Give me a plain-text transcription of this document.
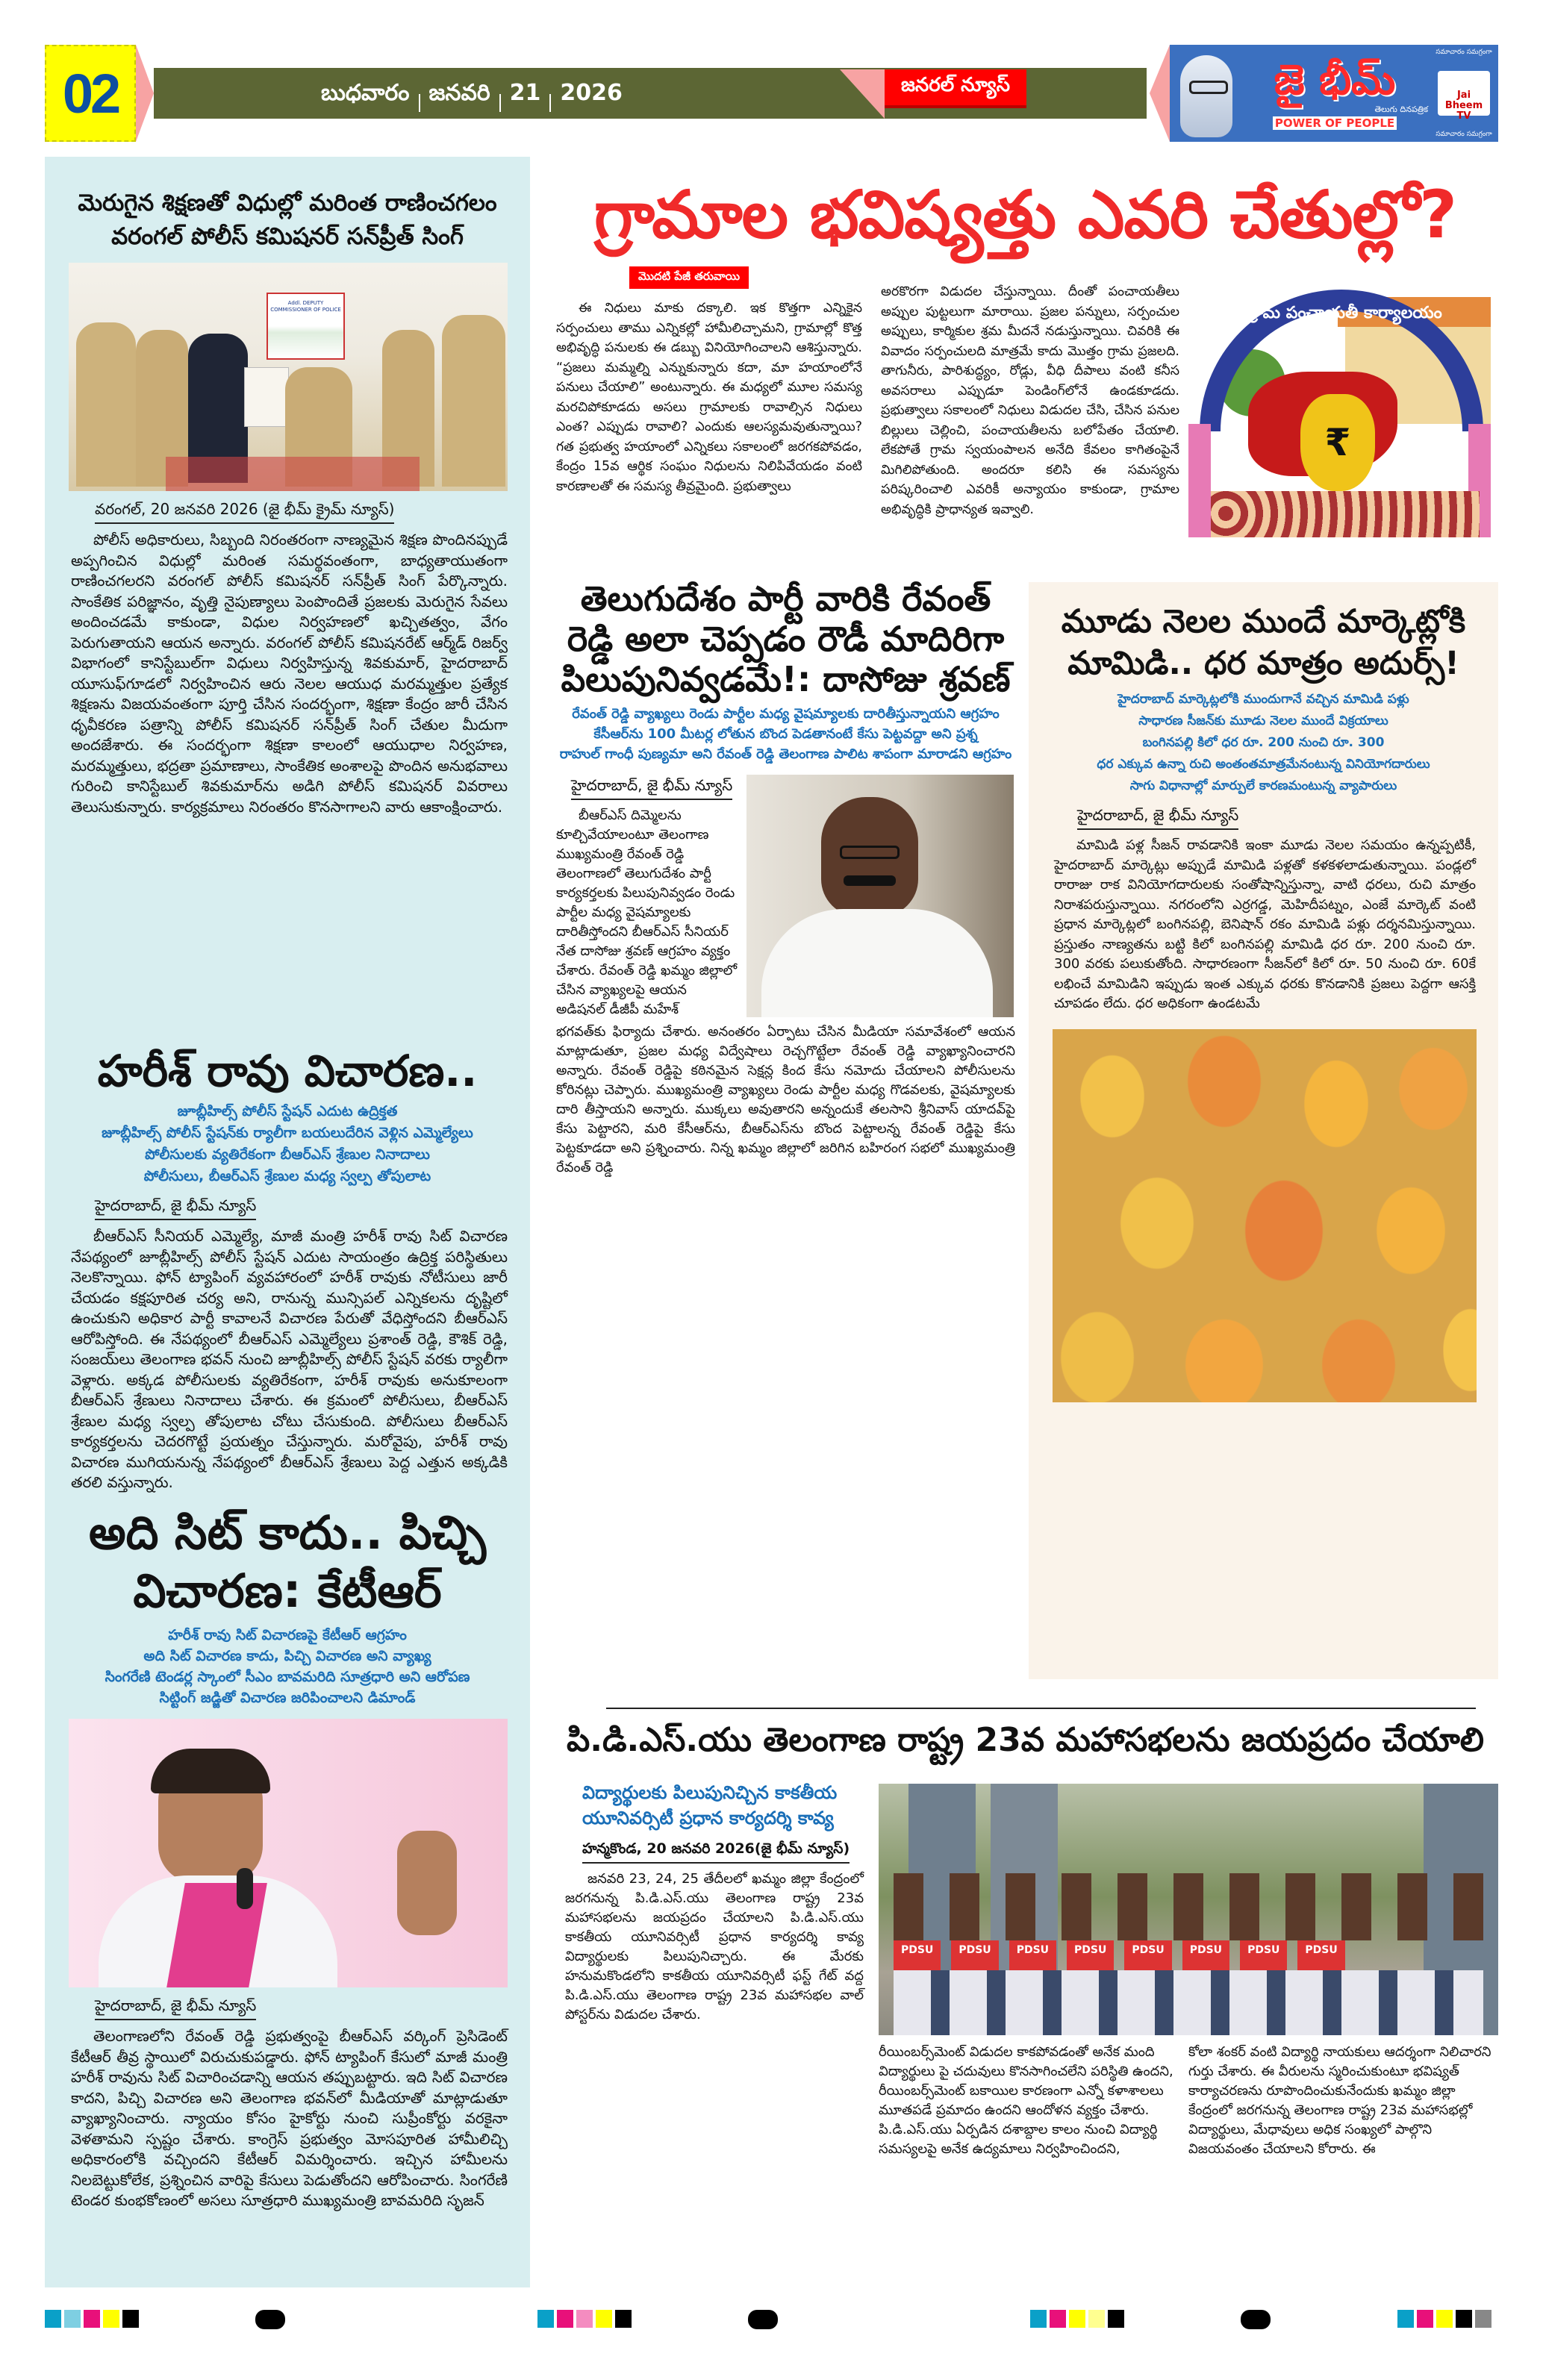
02	బుధవారం జనవరి 21 2026	జనరల్ న్యూస్	జై భీమ్
తెలుగు దినపత్రిక
POWER OF PEOPLE
సమాచారం సమగ్రంగా
Jai Bheem TV
సమాచారం సమగ్రంగా
మెరుగైన శిక్షణతో విధుల్లో మరింత రాణించగలం
వరంగల్ పోలీస్ కమిషనర్ సన్‌ప్రీత్ సింగ్
Addl. DEPUTY COMMISSIONER OF POLICE
వరంగల్, 20 జనవరి 2026 (జై భీమ్ క్రైమ్ న్యూస్)
పోలీస్ అధికారులు, సిబ్బంది నిరంతరంగా నాణ్యమైన శిక్షణ పొందినప్పుడే అప్పగించిన విధుల్లో మరింత సమర్థవంతంగా, బాధ్యతాయుతంగా రాణించగలరని వరంగల్ పోలీస్ కమిషనర్ సన్‌ప్రీత్ సింగ్ పేర్కొన్నారు. సాంకేతిక పరిజ్ఞానం, వృత్తి నైపుణ్యాలు పెంపొందితే ప్రజలకు మెరుగైన సేవలు అందించడమే కాకుండా, విధుల నిర్వహణలో ఖచ్చితత్వం, వేగం పెరుగుతాయని ఆయన అన్నారు. వరంగల్ పోలీస్ కమిషనరేట్ ఆర్మ్‌డ్ రిజర్వ్ విభాగంలో కానిస్టేబుల్‌గా విధులు నిర్వహిస్తున్న శివకుమార్, హైదరాబాద్ యూసుఫ్‌గూడలో నిర్వహించిన ఆరు నెలల ఆయుధ మరమ్మత్తుల ప్రత్యేక శిక్షణను విజయవంతంగా పూర్తి చేసిన సందర్భంగా, శిక్షణా కేంద్రం జారీ చేసిన ధృవీకరణ పత్రాన్ని పోలీస్ కమిషనర్ సన్‌ప్రీత్ సింగ్ చేతుల మీదుగా అందజేశారు. ఈ సందర్భంగా శిక్షణా కాలంలో ఆయుధాల నిర్వహణ, మరమ్మత్తులు, భద్రతా ప్రమాణాలు, సాంకేతిక అంశాలపై పొందిన అనుభవాలు గురించి కానిస్టేబుల్ శివకుమార్‌ను అడిగి పోలీస్ కమిషనర్ వివరాలు తెలుసుకున్నారు. కార్యక్రమాలు నిరంతరం కొనసాగాలని వారు ఆకాంక్షించారు.
హరీశ్ రావు విచారణ..
జూబ్లీహిల్స్ పోలీస్ స్టేషన్ ఎదుట ఉద్రిక్తత
జూబ్లీహిల్స్ పోలీస్ స్టేషన్‌కు ర్యాలీగా బయలుదేరిన వెళ్లిన ఎమ్మెల్యేలు
పోలీసులకు వ్యతిరేకంగా బీఆర్ఎస్ శ్రేణుల నినాదాలు
పోలీసులు, బీఆర్ఎస్ శ్రేణుల మధ్య స్వల్ప తోపులాట
హైదరాబాద్, జై భీమ్ న్యూస్
బీఆర్ఎస్ సీనియర్ ఎమ్మెల్యే, మాజీ మంత్రి హరీశ్ రావు సిట్ విచారణ నేపథ్యంలో జూబ్లీహిల్స్ పోలీస్ స్టేషన్ ఎదుట సాయంత్రం ఉద్రిక్త పరిస్థితులు నెలకొన్నాయి. ఫోన్ ట్యాపింగ్ వ్యవహారంలో హరీశ్ రావుకు నోటీసులు జారీ చేయడం కక్షపూరిత చర్య అని, రానున్న మున్సిపల్ ఎన్నికలను దృష్టిలో ఉంచుకుని అధికార పార్టీ కావాలనే విచారణ పేరుతో వేధిస్తోందని బీఆర్ఎస్ ఆరోపిస్తోంది. ఈ నేపథ్యంలో బీఆర్ఎస్ ఎమ్మెల్యేలు ప్రశాంత్ రెడ్డి, కౌశిక్ రెడ్డి, సంజయ్‌లు తెలంగాణ భవన్ నుంచి జూబ్లీహిల్స్ పోలీస్ స్టేషన్ వరకు ర్యాలీగా వెళ్లారు. అక్కడ పోలీసులకు వ్యతిరేకంగా, హరీశ్ రావుకు అనుకూలంగా బీఆర్ఎస్ శ్రేణులు నినాదాలు చేశారు. ఈ క్రమంలో పోలీసులు, బీఆర్ఎస్ శ్రేణుల మధ్య స్వల్ప తోపులాట చోటు చేసుకుంది. పోలీసులు బీఆర్ఎస్ కార్యకర్తలను చెదరగొట్టే ప్రయత్నం చేస్తున్నారు. మరోవైపు, హరీశ్ రావు విచారణ ముగియనున్న నేపథ్యంలో బీఆర్ఎస్ శ్రేణులు పెద్ద ఎత్తున అక్కడికి తరలి వస్తున్నారు.
అది సిట్ కాదు.. పిచ్చి
విచారణ: కేటీఆర్
హరీశ్ రావు సిట్ విచారణపై కేటీఆర్ ఆగ్రహం
అది సిట్ విచారణ కాదు, పిచ్చి విచారణ అని వ్యాఖ్య
సింగరేణి టెండర్ల స్కాంలో సీఎం బావమరిది సూత్రధారి అని ఆరోపణ
సిట్టింగ్ జడ్జితో విచారణ జరిపించాలని డిమాండ్
హైదరాబాద్, జై భీమ్ న్యూస్
తెలంగాణలోని రేవంత్ రెడ్డి ప్రభుత్వంపై బీఆర్ఎస్ వర్కింగ్ ప్రెసిడెంట్ కేటీఆర్ తీవ్ర స్థాయిలో విరుచుకుపడ్డారు. ఫోన్ ట్యాపింగ్ కేసులో మాజీ మంత్రి హరీశ్ రావును సిట్ విచారించడాన్ని ఆయన తప్పుబట్టారు. ఇది సిట్ విచారణ కాదని, పిచ్చి విచారణ అని తెలంగాణ భవన్‌లో మీడియాతో మాట్లాడుతూ వ్యాఖ్యానించారు. న్యాయం కోసం హైకోర్టు నుంచి సుప్రీంకోర్టు వరకైనా వెళతామని స్పష్టం చేశారు. కాంగ్రెస్ ప్రభుత్వం మోసపూరిత హామీలిచ్చి అధికారంలోకి వచ్చిందని కేటీఆర్ విమర్శించారు. ఇచ్చిన హామీలను నిలబెట్టుకోలేక, ప్రశ్నించిన వారిపై కేసులు పెడుతోందని ఆరోపించారు. సింగరేణి టెండర కుంభకోణంలో అసలు సూత్రధారి ముఖ్యమంత్రి బావమరిది సృజన్
గ్రామాల భవిష్యత్తు ఎవరి చేతుల్లో?
మొదటి పేజీ తరువాయి
ఈ నిధులు మాకు దక్కాలి. ఇక కొత్తగా ఎన్నికైన సర్పంచులు తాము ఎన్నికల్లో హామీలిచ్చామని, గ్రామాల్లో కొత్త అభివృద్ధి పనులకు ఈ డబ్బు వినియోగించాలని ఆశిస్తున్నారు. “ప్రజలు మమ్మల్ని ఎన్నుకున్నారు కదా, మా హయాంలోనే పనులు చేయాలి” అంటున్నారు. ఈ మధ్యలో మూల సమస్య మరచిపోకూడదు అసలు గ్రామాలకు రావాల్సిన నిధులు ఎంత? ఎప్పుడు రావాలి? ఎందుకు ఆలస్యమవుతున్నాయి? గత ప్రభుత్వ హయాంలో ఎన్నికలు సకాలంలో జరగకపోవడం, కేంద్రం 15వ ఆర్థిక సంఘం నిధులను నిలిపివేయడం వంటి కారణాలతో ఈ సమస్య తీవ్రమైంది. ప్రభుత్వాలు
అరకొరగా విడుదల చేస్తున్నాయి. దీంతో పంచాయతీలు అప్పుల పుట్టలుగా మారాయి. ప్రజల పన్నులు, సర్పంచుల అప్పులు, కార్మికుల శ్రమ మీదనే నడుస్తున్నాయి. చివరికి ఈ వివాదం సర్పంచులది మాత్రమే కాదు మొత్తం గ్రామ ప్రజలది. తాగునీరు, పారిశుద్ధ్యం, రోడ్లు, వీధి దీపాలు వంటి కనీస అవసరాలు ఎప్పుడూ పెండింగ్‌లోనే ఉండకూడదు. ప్రభుత్వాలు సకాలంలో నిధులు విడుదల చేసి, చేసిన పనుల బిల్లులు చెల్లించి, పంచాయతీలను బలోపేతం చేయాలి. లేకపోతే గ్రామ స్వయంపాలన అనేది కేవలం కాగితంపైనే మిగిలిపోతుంది. అందరూ కలిసి ఈ సమస్యను పరిష్కరించాలి ఎవరికీ అన్యాయం కాకుండా, గ్రామాల అభివృద్ధికి ప్రాధాన్యత ఇవ్వాలి.
గ్రామ పంచాయతీ కార్యాలయం
₹
తెలుగుదేశం పార్టీ వారికి రేవంత్ రెడ్డి అలా చెప్పడం రౌడీ మాదిరిగా పిలుపునివ్వడమే!: దాసోజు శ్రవణ్
రేవంత్ రెడ్డి వ్యాఖ్యలు రెండు పార్టీల మధ్య వైషమ్యాలకు దారితీస్తున్నాయని ఆగ్రహం
కేసీఆర్‌ను 100 మీటర్ల లోతున బొంద పెడతానంటే కేసు పెట్టవద్దా అని ప్రశ్న
రాహుల్ గాంధీ పుణ్యమా అని రేవంత్ రెడ్డి తెలంగాణ పాలిట శాపంగా మారాడని ఆగ్రహం
హైదరాబాద్, జై భీమ్ న్యూస్
బీఆర్ఎస్ దిమ్మెలను కూల్చివేయాలంటూ తెలంగాణ ముఖ్యమంత్రి రేవంత్ రెడ్డి తెలంగాణలో తెలుగుదేశం పార్టీ కార్యకర్తలకు పిలుపునివ్వడం రెండు పార్టీల మధ్య వైషమ్యాలకు దారితీస్తోందని బీఆర్ఎస్ సీనియర్ నేత దాసోజు శ్రవణ్ ఆగ్రహం వ్యక్తం చేశారు. రేవంత్ రెడ్డి ఖమ్మం జిల్లాలో చేసిన వ్యాఖ్యలపై ఆయన అడిషనల్ డీజీపీ మహేశ్
భగవత్‌కు ఫిర్యాదు చేశారు. అనంతరం ఏర్పాటు చేసిన మీడియా సమావేశంలో ఆయన మాట్లాడుతూ, ప్రజల మధ్య విద్వేషాలు రెచ్చగొట్టేలా రేవంత్ రెడ్డి వ్యాఖ్యానించారని అన్నారు. రేవంత్ రెడ్డిపై కఠినమైన సెక్షన్ల కింద కేసు నమోదు చేయాలని పోలీసులను కోరినట్లు చెప్పారు. ముఖ్యమంత్రి వ్యాఖ్యలు రెండు పార్టీల మధ్య గొడవలకు, వైషమ్యాలకు దారి తీస్తాయని అన్నారు. ముక్కలు అవుతారని అన్నందుకే తలసాని శ్రీనివాస్ యాదవ్‌పై కేసు పెట్టారని, మరి కేసీఆర్‌ను, బీఆర్ఎస్‌ను బొంద పెట్టాలన్న రేవంత్ రెడ్డిపై కేసు పెట్టకూడదా అని ప్రశ్నించారు. నిన్న ఖమ్మం జిల్లాలో జరిగిన బహిరంగ సభలో ముఖ్యమంత్రి రేవంత్ రెడ్డి
మూడు నెలల ముందే మార్కెట్లోకి మామిడి.. ధర మాత్రం అదుర్స్!
హైదరాబాద్ మార్కెట్లలోకి ముందుగానే వచ్చిన మామిడి పళ్లు
సాధారణ సీజన్‌కు మూడు నెలల ముందే విక్రయాలు
బంగినపల్లి కిలో ధర రూ. 200 నుంచి రూ. 300
ధర ఎక్కువ ఉన్నా రుచి అంతంతమాత్రమేనంటున్న వినియోగదారులు
సాగు విధానాల్లో మార్పులే కారణమంటున్న వ్యాపారులు
హైదరాబాద్, జై భీమ్ న్యూస్
మామిడి పళ్ల సీజన్ రావడానికి ఇంకా మూడు నెలల సమయం ఉన్నప్పటికీ, హైదరాబాద్ మార్కెట్లు అప్పుడే మామిడి పళ్లతో కళకళలాడుతున్నాయి. పండ్లలో రారాజు రాక వినియోగదారులకు సంతోషాన్నిస్తున్నా, వాటి ధరలు, రుచి మాత్రం నిరాశపరుస్తున్నాయి. నగరంలోని ఎర్రగడ్డ, మెహిదీపట్నం, ఎంజే మార్కెట్ వంటి ప్రధాన మార్కెట్లలో బంగినపల్లి, బెనిషాన్ రకం మామిడి పళ్లు దర్శనమిస్తున్నాయి. ప్రస్తుతం నాణ్యతను బట్టి కిలో బంగినపల్లి మామిడి ధర రూ. 200 నుంచి రూ. 300 వరకు పలుకుతోంది. సాధారణంగా సీజన్‌లో కిలో రూ. 50 నుంచి రూ. 60కే లభించే మామిడిని ఇప్పుడు ఇంత ఎక్కువ ధరకు కొనడానికి ప్రజలు పెద్దగా ఆసక్తి చూపడం లేదు. ధర అధికంగా ఉండటమే
పి.డి.ఎస్.యు తెలంగాణ రాష్ట్ర 23వ మహాసభలను జయప్రదం చేయాలి
విద్యార్థులకు పిలుపునిచ్చిన కాకతీయ యూనివర్సిటీ ప్రధాన కార్యదర్శి కావ్య
హన్మకొండ, 20 జనవరి 2026(జై భీమ్ న్యూస్)
జనవరి 23, 24, 25 తేదీలలో ఖమ్మం జిల్లా కేంద్రంలో జరగనున్న పి.డి.ఎస్.యు తెలంగాణ రాష్ట్ర 23వ మహాసభలను జయప్రదం చేయాలని పి.డి.ఎస్.యు కాకతీయ యూనివర్సిటీ ప్రధాన కార్యదర్శి కావ్య విద్యార్థులకు పిలుపునిచ్చారు. ఈ మేరకు హనుమకొండలోని కాకతీయ యూనివర్సిటీ ఫస్ట్ గేట్ వద్ద పి.డి.ఎస్.యు తెలంగాణ రాష్ట్ర 23వ మహాసభల వాల్ పోస్టర్‌ను విడుదల చేశారు.
PDSU	PDSU	PDSU	PDSU	PDSU	PDSU	PDSU	PDSU
రీయింబర్స్‌మెంట్ విడుదల కాకపోవడంతో అనేక మంది విద్యార్థులు పై చదువులు కొనసాగించలేని పరిస్థితి ఉందని, రీయింబర్స్‌మెంట్ బకాయిల కారణంగా ఎన్నో కళాశాలలు మూతపడే ప్రమాదం ఉందని ఆందోళన వ్యక్తం చేశారు. పి.డి.ఎస్.యు ఏర్పడిన దశాబ్దాల కాలం నుంచి విద్యార్థి సమస్యలపై అనేక ఉద్యమాలు నిర్వహించిందని,
కోలా శంకర్ వంటి విద్యార్థి నాయకులు ఆదర్శంగా నిలిచారని గుర్తు చేశారు. ఈ వీరులను స్మరించుకుంటూ భవిష్యత్ కార్యాచరణను రూపొందించుకునేందుకు ఖమ్మం జిల్లా కేంద్రంలో జరగనున్న తెలంగాణ రాష్ట్ర 23వ మహాసభల్లో విద్యార్థులు, మేధావులు అధిక సంఖ్యలో పాల్గొని విజయవంతం చేయాలని కోరారు. ఈ
